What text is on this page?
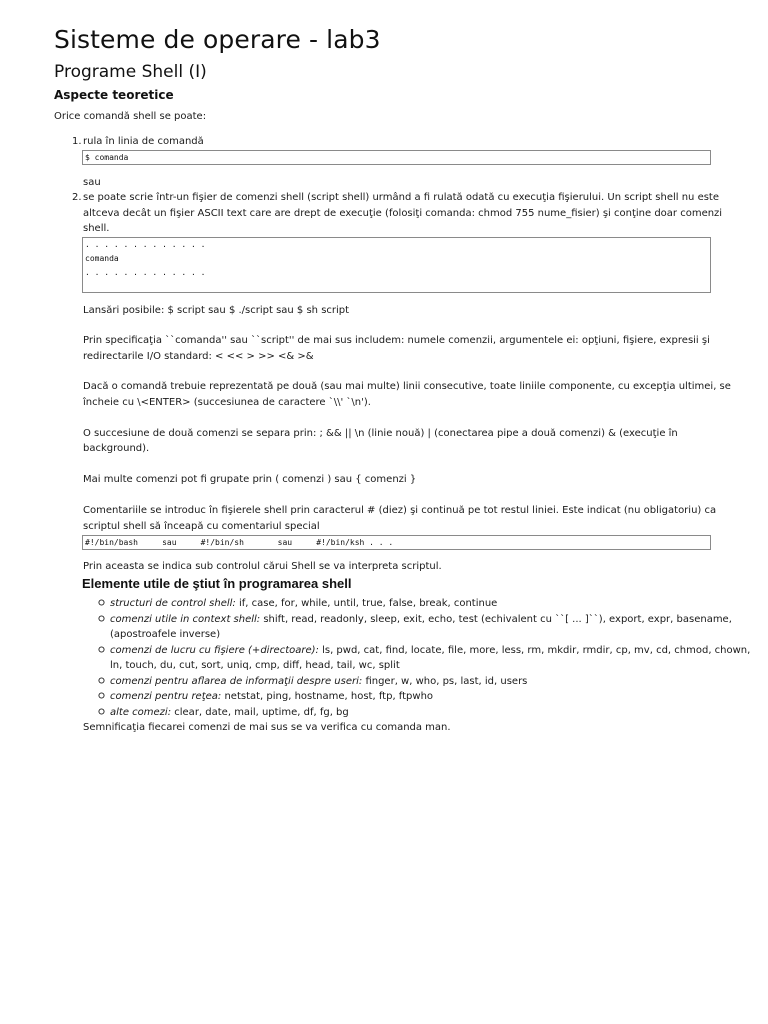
Sisteme de operare - lab3
Programe Shell (I)
Aspecte teoretice
Orice comandă shell se poate:
1. rula în linia de comandă
$ comanda
sau
2. se poate scrie într-un fişier de comenzi shell (script shell) urmând a fi rulată odată cu execuţia fişierului. Un script shell nu este
altceva decât un fişier ASCII text care are drept de execuţie (folosiţi comanda: chmod 755 nume_fisier) şi conţine doar comenzi
shell.
. . . . . . . . . . . . .
comanda
. . . . . . . . . . . . .
Lansări posibile: $ script sau $ ./script sau $ sh script
Prin specificaţia ``comanda'' sau ``script'' de mai sus includem: numele comenzii, argumentele ei: opţiuni, fişiere, expresii şi
redirectarile I/O standard: < << > >> <& >&
Dacă o comandă trebuie reprezentată pe două (sau mai multe) linii consecutive, toate liniile componente, cu excepţia ultimei, se
încheie cu \<ENTER> (succesiunea de caractere `\\' `\n').
O succesiune de două comenzi se separa prin: ; && || \n (linie nouă) | (conectarea pipe a două comenzi) & (execuţie în
background).
Mai multe comenzi pot fi grupate prin ( comenzi ) sau { comenzi }
Comentariile se introduc în fişierele shell prin caracterul # (diez) şi continuă pe tot restul liniei. Este indicat (nu obligatoriu) ca
scriptul shell să înceapă cu comentariul special
#!/bin/bash     sau     #!/bin/sh       sau     #!/bin/ksh . . .
Prin aceasta se indica sub controlul cărui Shell se va interpreta scriptul.
Elemente utile de ştiut în programarea shell
structuri de control shell: if, case, for, while, until, true, false, break, continue
comenzi utile in context shell: shift, read, readonly, sleep, exit, echo, test (echivalent cu ``[ ... ]``), export, expr, basename,
(apostroafele inverse)
comenzi de lucru cu fişiere (+directoare): ls, pwd, cat, find, locate, file, more, less, rm, mkdir, rmdir, cp, mv, cd, chmod, chown,
ln, touch, du, cut, sort, uniq, cmp, diff, head, tail, wc, split
comenzi pentru aflarea de informaţii despre useri: finger, w, who, ps, last, id, users
comenzi pentru reţea: netstat, ping, hostname, host, ftp, ftpwho
alte comezi: clear, date, mail, uptime, df, fg, bg
Semnificaţia fiecarei comenzi de mai sus se va verifica cu comanda man.
